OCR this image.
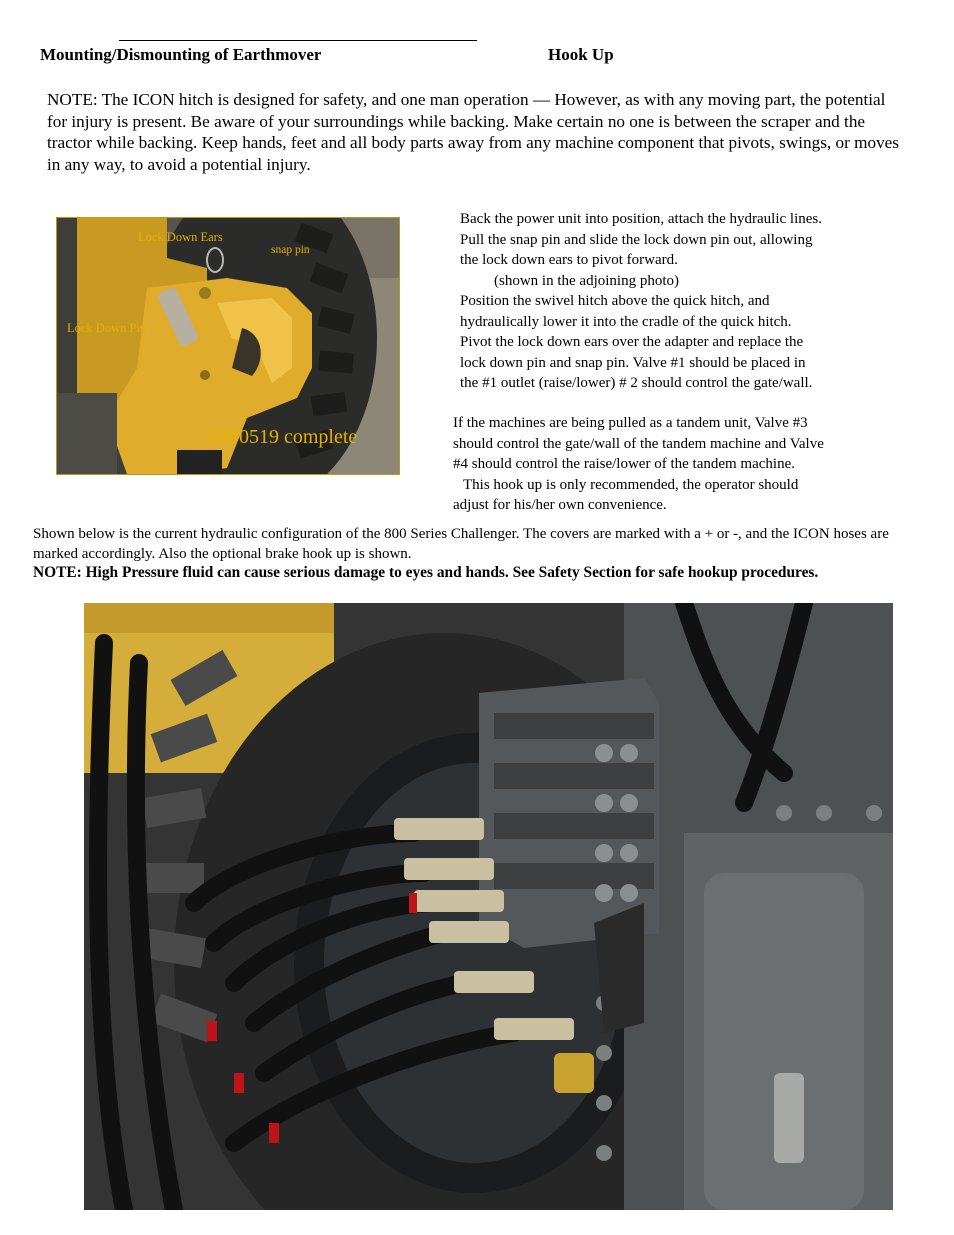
Mounting/Dismounting of Earthmover	Hook Up
NOTE: The ICON hitch is designed for safety, and one man operation — However, as with any moving part, the potential for injury is present. Be aware of your surroundings while backing. Make certain no one is between the scraper and the tractor while backing. Keep hands, feet and all body parts away from any machine component that pivots, swings, or moves in any way, to avoid a potential injury.
Lock Down Ears
snap pin
Lock Down Pin
2000519 complete
Back the power unit into position, attach the hydraulic lines.
Pull the snap pin and slide the lock down pin out, allowing
the lock down ears to pivot forward.
(shown in the adjoining photo)
Position the swivel hitch above the quick hitch, and
hydraulically lower it into the cradle of the quick hitch.
Pivot the lock down ears over the adapter and replace the
lock down pin and snap pin. Valve #1 should be placed in
the #1 outlet (raise/lower) # 2 should control the gate/wall.
If the machines are being pulled as a tandem unit, Valve #3
should control the gate/wall of the tandem machine and Valve
#4 should control the raise/lower of the tandem machine.
This hook up is only recommended, the operator should
adjust for his/her own convenience.
Shown below is the current hydraulic configuration of the 800 Series Challenger. The covers are marked with a + or -, and the ICON hoses are marked accordingly. Also the optional brake hook up is shown.
NOTE: High Pressure fluid can cause serious damage to eyes and hands. See Safety Section for safe hookup procedures.
